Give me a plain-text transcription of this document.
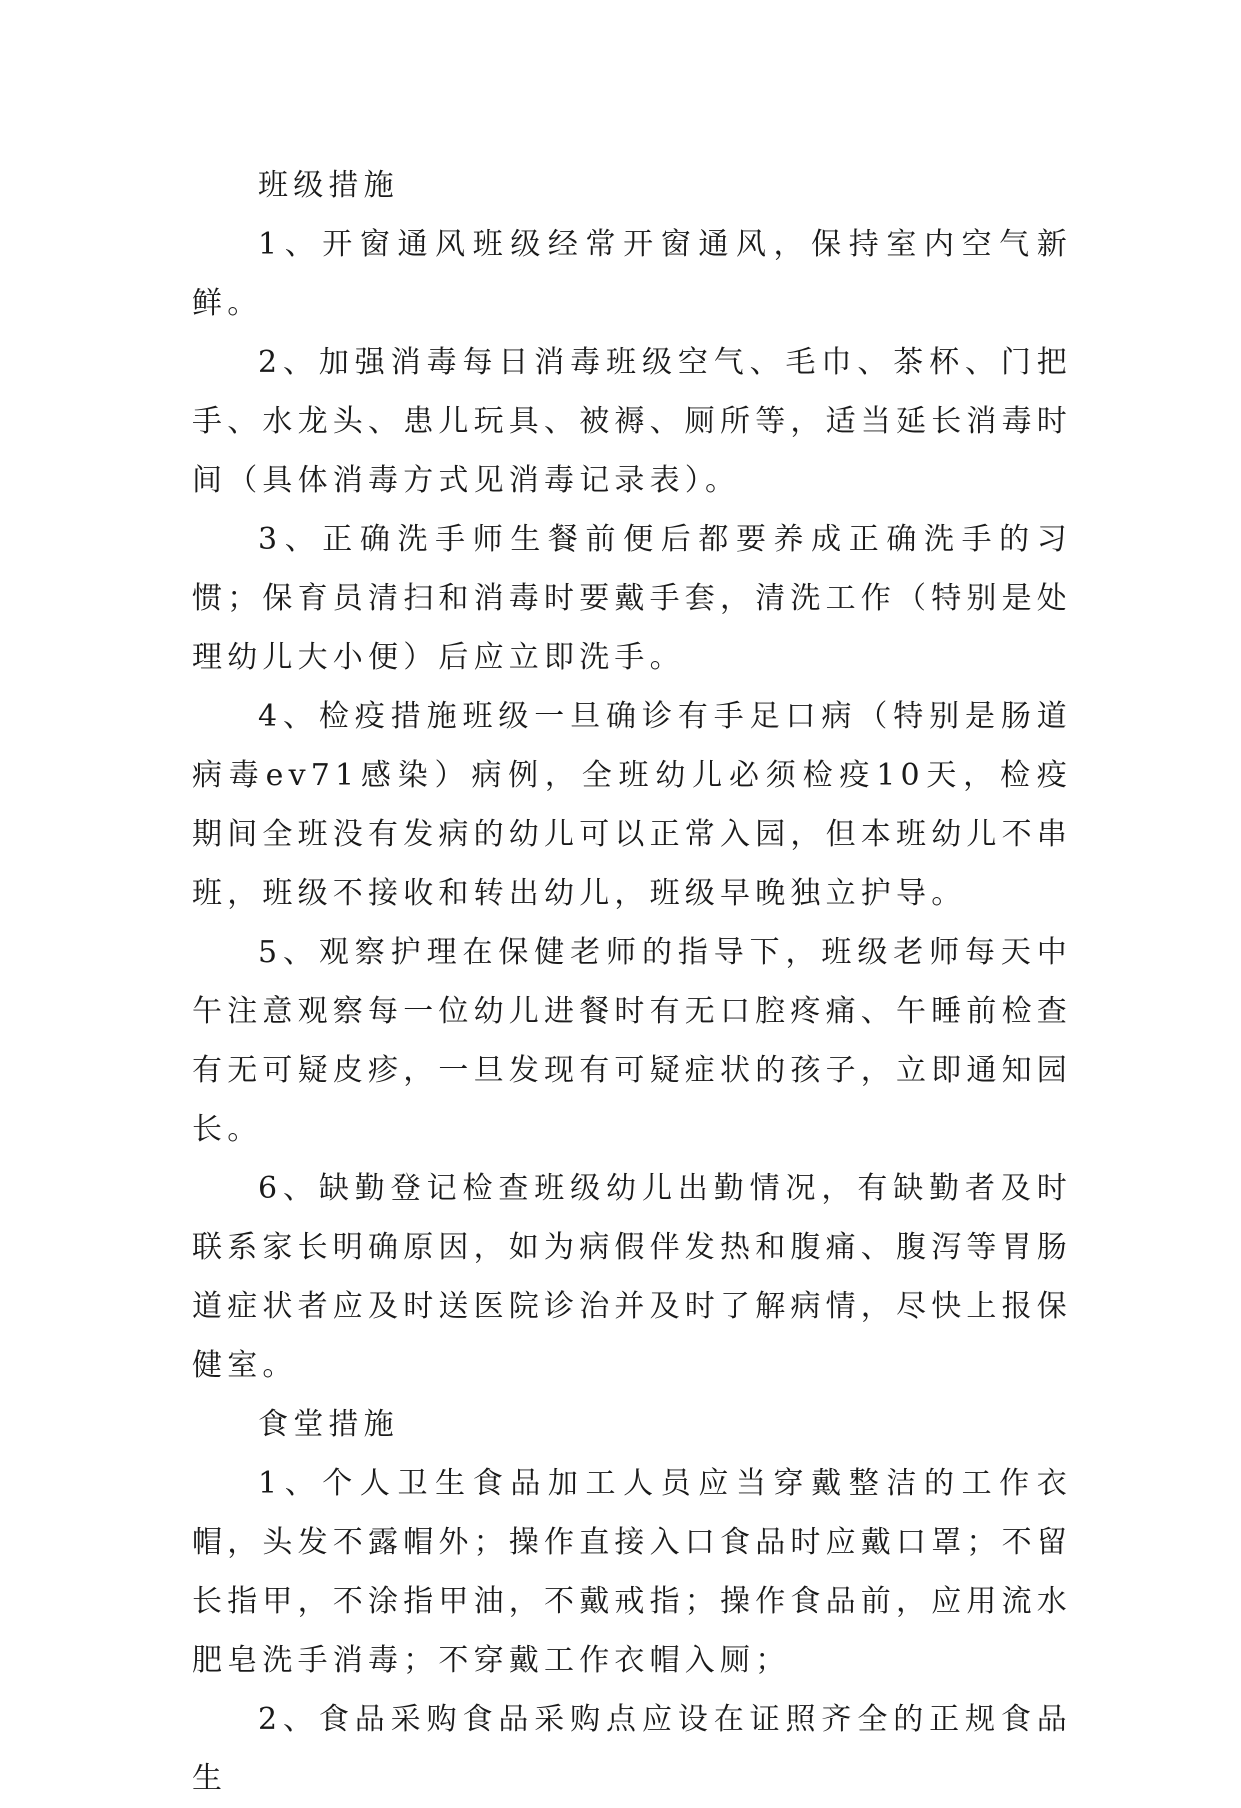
班级措施

1、开窗通风班级经常开窗通风，保持室内空气新鲜。

2、加强消毒每日消毒班级空气、毛巾、茶杯、门把手、水龙头、患儿玩具、被褥、厕所等，适当延长消毒时间（具体消毒方式见消毒记录表）。

3、正确洗手师生餐前便后都要养成正确洗手的习惯；保育员清扫和消毒时要戴手套，清洗工作（特别是处理幼儿大小便）后应立即洗手。

4、检疫措施班级一旦确诊有手足口病（特别是肠道病毒ev71感染）病例，全班幼儿必须检疫10天，检疫期间全班没有发病的幼儿可以正常入园，但本班幼儿不串班，班级不接收和转出幼儿，班级早晚独立护导。

5、观察护理在保健老师的指导下，班级老师每天中午注意观察每一位幼儿进餐时有无口腔疼痛、午睡前检查有无可疑皮疹，一旦发现有可疑症状的孩子，立即通知园长。

6、缺勤登记检查班级幼儿出勤情况，有缺勤者及时联系家长明确原因，如为病假伴发热和腹痛、腹泻等胃肠道症状者应及时送医院诊治并及时了解病情，尽快上报保健室。

食堂措施

1、个人卫生食品加工人员应当穿戴整洁的工作衣帽，头发不露帽外；操作直接入口食品时应戴口罩；不留长指甲，不涂指甲油，不戴戒指；操作食品前，应用流水肥皂洗手消毒；不穿戴工作衣帽入厕；

2、食品采购食品采购点应设在证照齐全的正规食品生
